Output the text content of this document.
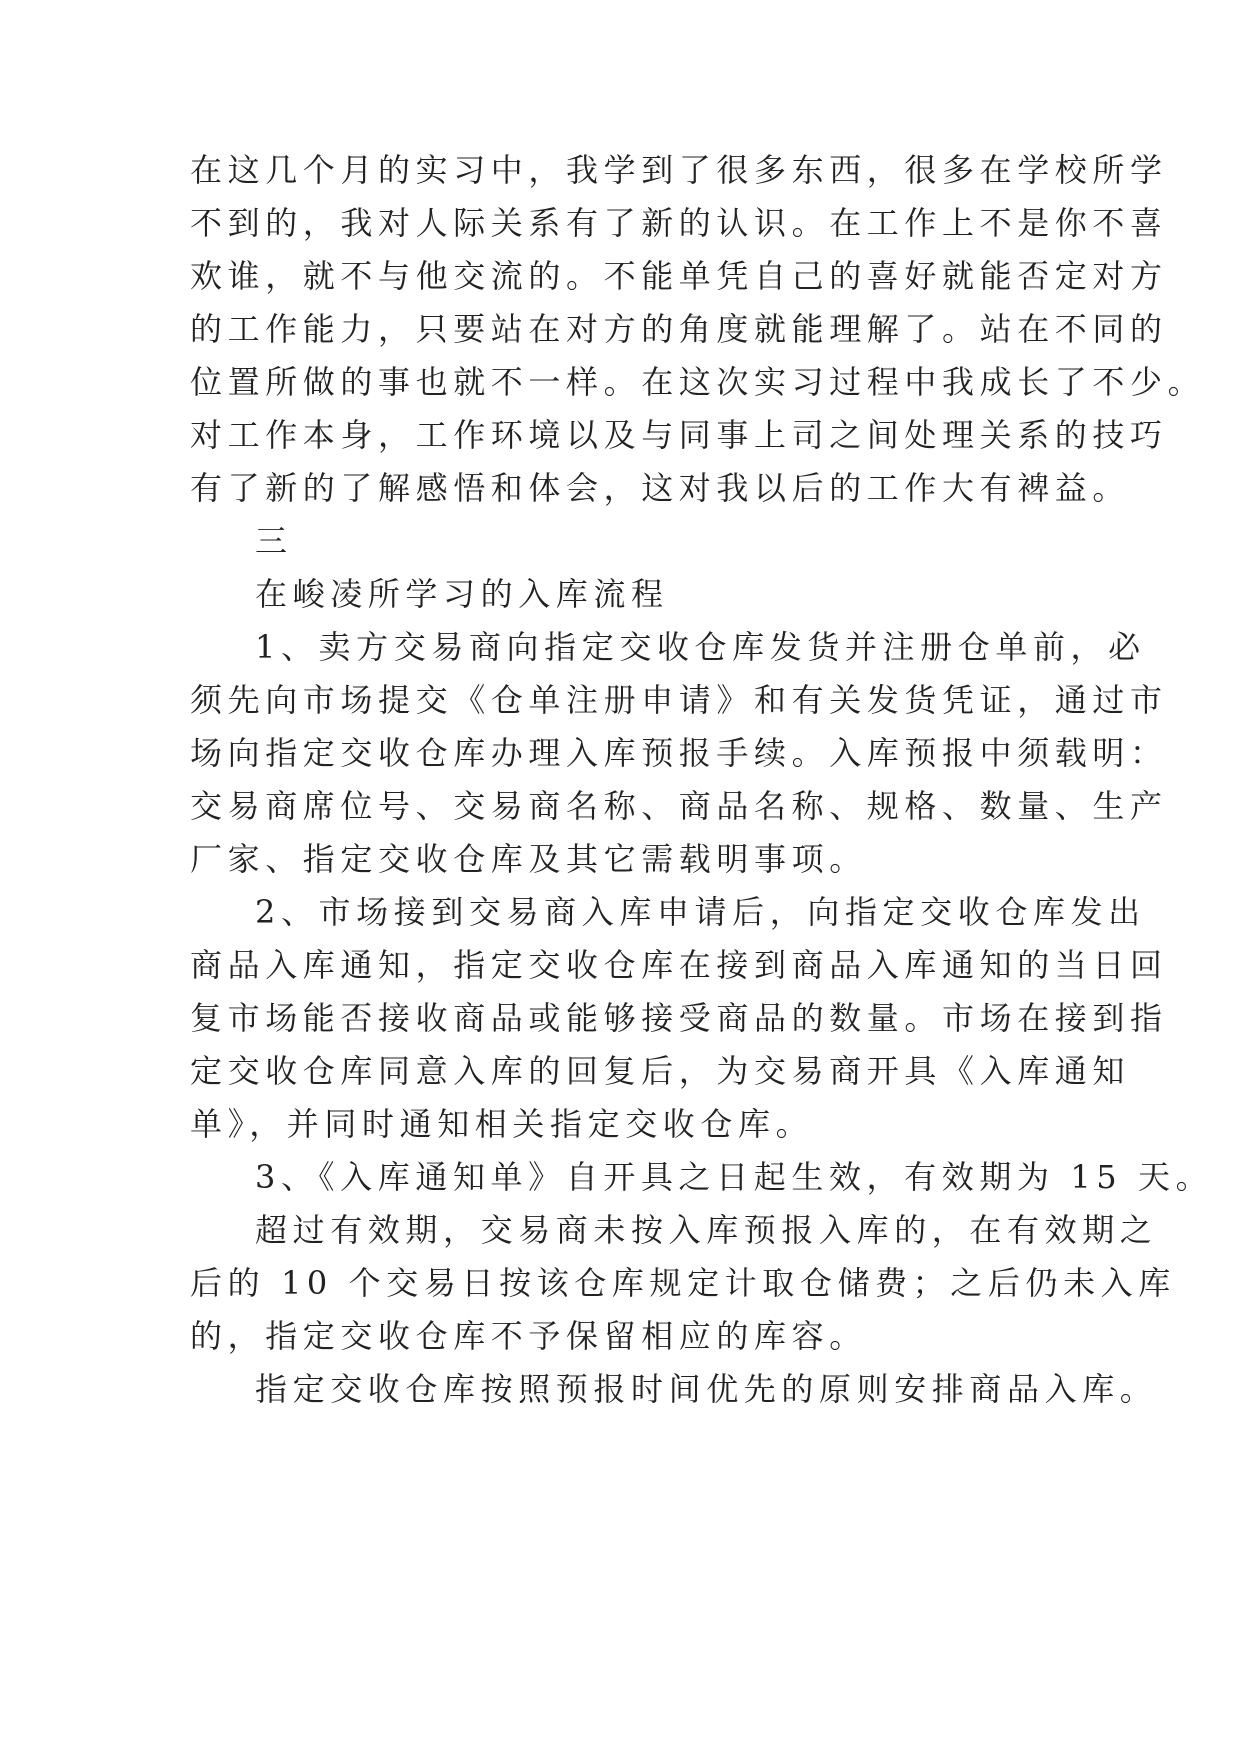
在这几个月的实习中，我学到了很多东西，很多在学校所学

不到的，我对人际关系有了新的认识。在工作上不是你不喜

欢谁，就不与他交流的。不能单凭自己的喜好就能否定对方

的工作能力，只要站在对方的角度就能理解了。站在不同的

位置所做的事也就不一样。在这次实习过程中我成长了不少。

对工作本身，工作环境以及与同事上司之间处理关系的技巧

有了新的了解感悟和体会，这对我以后的工作大有裨益。

三

在峻凌所学习的入库流程

1、卖方交易商向指定交收仓库发货并注册仓单前，必

须先向市场提交《仓单注册申请》和有关发货凭证，通过市

场向指定交收仓库办理入库预报手续。入库预报中须载明：

交易商席位号、交易商名称、商品名称、规格、数量、生产

厂家、指定交收仓库及其它需载明事项。

2、市场接到交易商入库申请后，向指定交收仓库发出

商品入库通知，指定交收仓库在接到商品入库通知的当日回

复市场能否接收商品或能够接受商品的数量。市场在接到指

定交收仓库同意入库的回复后，为交易商开具《入库通知

单》，并同时通知相关指定交收仓库。

3、《入库通知单》自开具之日起生效，有效期为 15 天。

超过有效期，交易商未按入库预报入库的，在有效期之

后的 10 个交易日按该仓库规定计取仓储费；之后仍未入库

的，指定交收仓库不予保留相应的库容。

指定交收仓库按照预报时间优先的原则安排商品入库。
